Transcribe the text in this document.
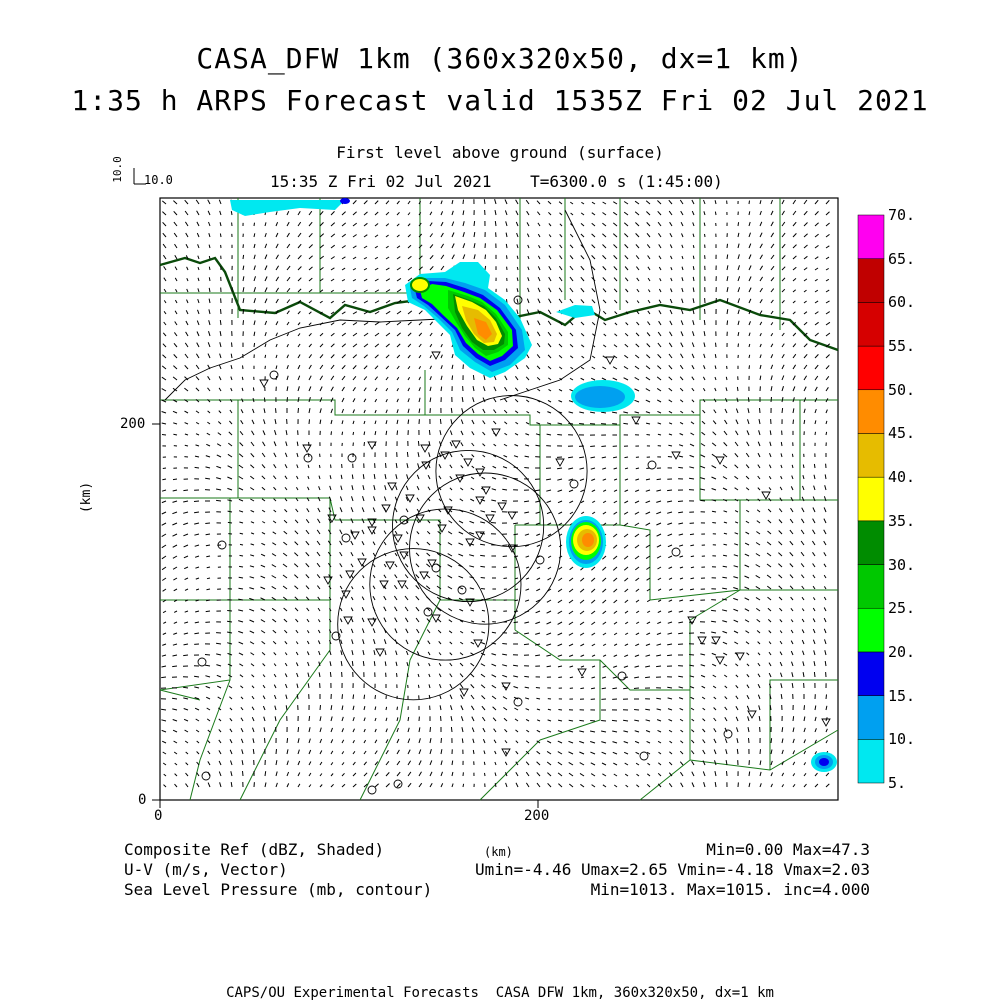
CASA_DFW 1km (360x320x50, dx=1 km)
1:35 h ARPS Forecast valid 1535Z Fri 02 Jul 2021
First level above ground (surface)
15:35 Z Fri 02 Jul 2021    T=6300.0 s (1:45:00)
10.0
10.0
(km)
0	200
0
200
(km)
Composite Ref (dBZ, Shaded)
U-V (m/s, Vector)
Sea Level Pressure (mb, contour)
Min=0.00 Max=47.3
Umin=-4.46 Umax=2.65 Vmin=-4.18 Vmax=2.03
Min=1013. Max=1015. inc=4.000
CAPS/OU Experimental Forecasts  CASA DFW 1km, 360x320x50, dx=1 km
5.
10.
15.
20.
25.
30.
35.
40.
45.
50.
55.
60.
65.
70.
